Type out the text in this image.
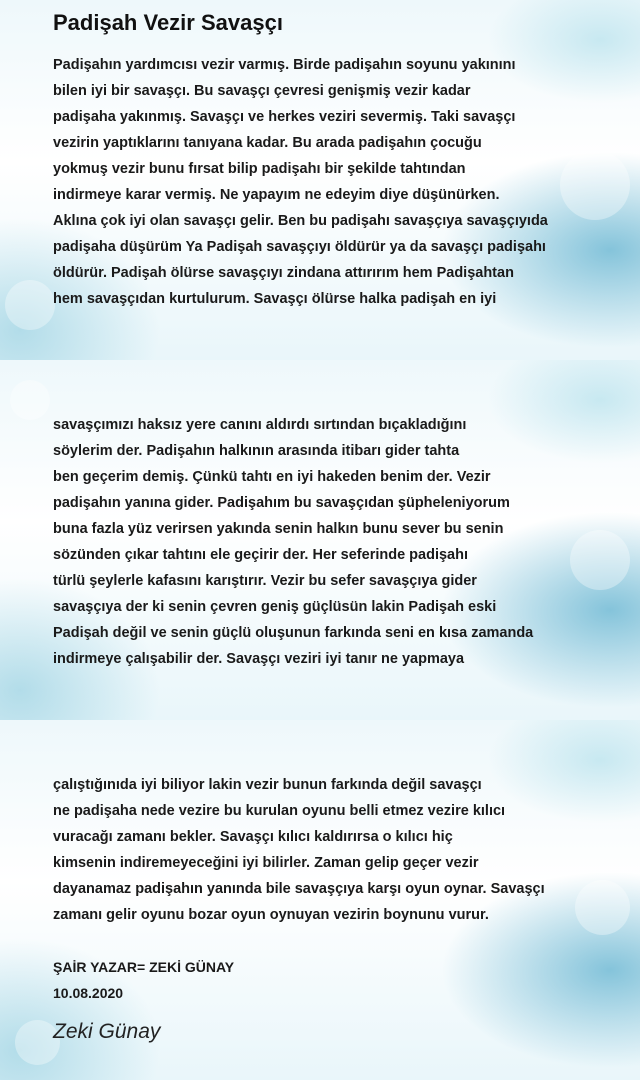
Padişah Vezir Savaşçı

Padişahın yardımcısı vezir varmış. Birde padişahın soyunu yakınını
bilen iyi bir savaşçı. Bu savaşçı çevresi genişmiş vezir kadar
padişaha yakınmış. Savaşçı ve herkes veziri severmiş. Taki savaşçı
vezirin yaptıklarını tanıyana kadar. Bu arada padişahın çocuğu
yokmuş vezir bunu fırsat bilip padişahı bir şekilde tahtından
indirmeye karar vermiş. Ne yapayım ne edeyim diye düşünürken.
Aklına çok iyi olan savaşçı gelir. Ben bu padişahı savaşçıya savaşçıyıda
padişaha düşürüm Ya Padişah savaşçıyı öldürür ya da savaşçı padişahı
öldürür. Padişah ölürse savaşçıyı zindana attırırım hem Padişahtan
hem savaşçıdan kurtulurum. Savaşçı ölürse halka padişah en iyi

savaşçımızı haksız yere canını aldırdı sırtından bıçakladığını
söylerim der. Padişahın halkının arasında itibarı gider tahta
ben geçerim demiş. Çünkü tahtı en iyi hakeden benim der. Vezir
padişahın yanına gider. Padişahım bu savaşçıdan şüpheleniyorum
buna fazla yüz verirsen yakında senin halkın bunu sever bu senin
sözünden çıkar tahtını ele geçirir der. Her seferinde padişahı
türlü şeylerle kafasını karıştırır. Vezir bu sefer savaşçıya gider
savaşçıya der ki senin çevren geniş güçlüsün lakin Padişah eski
Padişah değil ve senin güçlü oluşunun farkında seni en kısa zamanda
indirmeye çalışabilir der. Savaşçı veziri iyi tanır ne yapmaya

çalıştığınıda iyi biliyor lakin vezir bunun farkında değil savaşçı
ne padişaha nede vezire bu kurulan oyunu belli etmez vezire kılıcı
vuracağı zamanı bekler. Savaşçı kılıcı kaldırırsa o kılıcı hiç
kimsenin indiremeyeceğini iyi bilirler. Zaman gelip geçer vezir
dayanamaz padişahın yanında bile savaşçıya karşı oyun oynar. Savaşçı
zamanı gelir oyunu bozar oyun oynuyan vezirin boynunu vurur.

ŞAİR YAZAR= ZEKİ GÜNAY
10.08.2020

Zeki Günay
